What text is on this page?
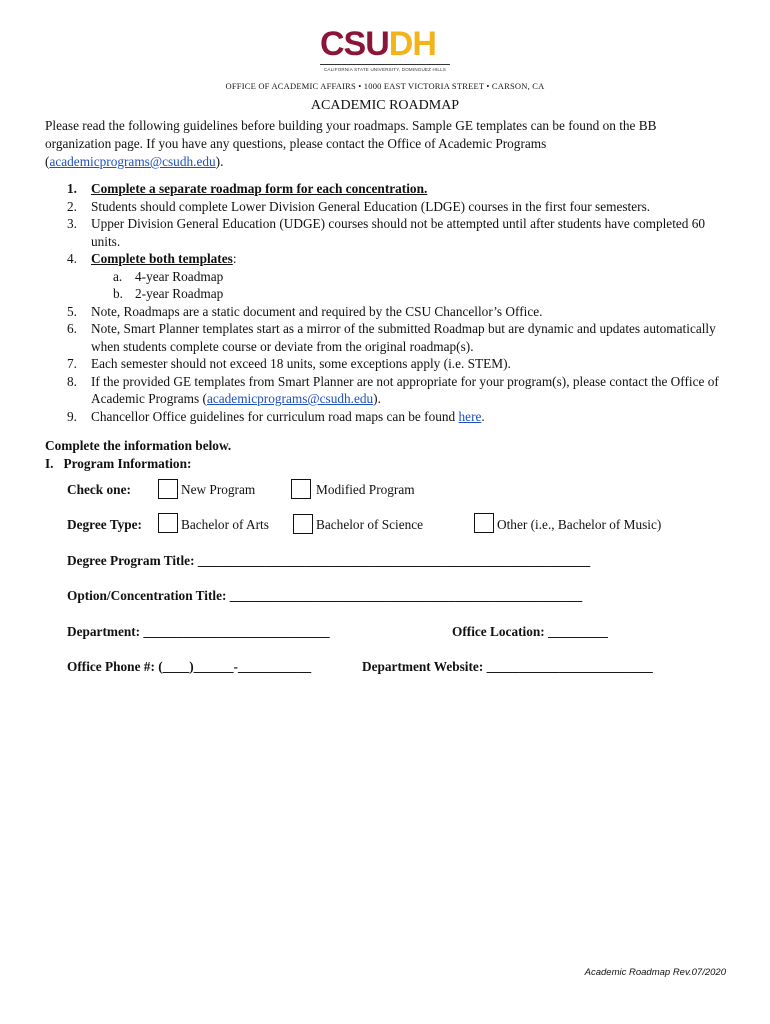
CSUDH
CALIFORNIA STATE UNIVERSITY, DOMINGUEZ HILLS
OFFICE OF ACADEMIC AFFAIRS • 1000 EAST VICTORIA STREET • CARSON, CA
ACADEMIC ROADMAP
Please read the following guidelines before building your roadmaps. Sample GE templates can be found on the BB organization page. If you have any questions, please contact the Office of Academic Programs (academicprograms@csudh.edu).
1. Complete a separate roadmap form for each concentration.
2. Students should complete Lower Division General Education (LDGE) courses in the first four semesters.
3. Upper Division General Education (UDGE) courses should not be attempted until after students have completed 60 units.
4. Complete both templates:
a. 4-year Roadmap
b. 2-year Roadmap
5. Note, Roadmaps are a static document and required by the CSU Chancellor’s Office.
6. Note, Smart Planner templates start as a mirror of the submitted Roadmap but are dynamic and updates automatically when students complete course or deviate from the original roadmap(s).
7. Each semester should not exceed 18 units, some exceptions apply (i.e. STEM).
8. If the provided GE templates from Smart Planner are not appropriate for your program(s), please contact the Office of Academic Programs (academicprograms@csudh.edu).
9. Chancellor Office guidelines for curriculum road maps can be found here.
Complete the information below.
I. Program Information:
Check one:	New Program	Modified Program
Degree Type:	Bachelor of Arts	Bachelor of Science	Other (i.e., Bachelor of Music)
Degree Program Title: ___________________________________________________________
Option/Concentration Title: _____________________________________________________
Department: ____________________________	Office Location: _________
Office Phone #: (____)______-___________	Department Website: _________________________
Academic Roadmap Rev.07/2020
